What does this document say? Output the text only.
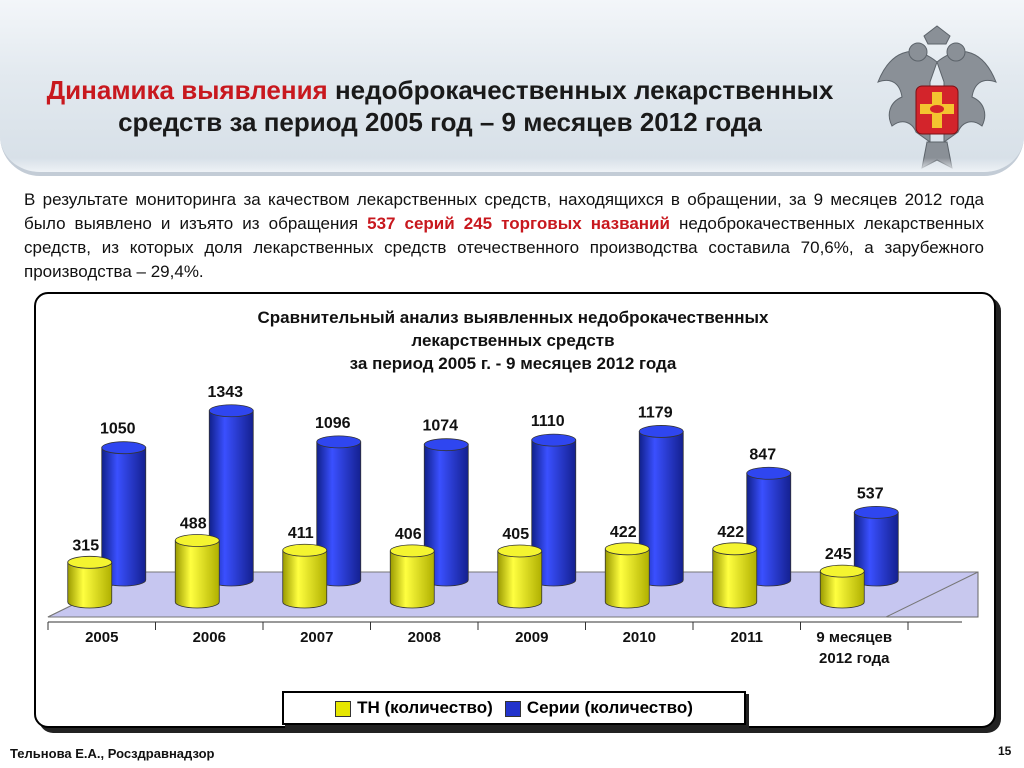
Динамика выявления недоброкачественных лекарственных
средств за период 2005 год – 9 месяцев 2012 года
В результате мониторинга за качеством лекарственных средств, находящихся в обращении, за 9 месяцев 2012 года было выявлено и изъято из обращения 537 серий 245 торговых названий недоброкачественных лекарственных средств, из которых доля лекарственных средств отечественного производства составила 70,6%, а зарубежного производства – 29,4%.
Сравнительный анализ выявленных недоброкачественных
лекарственных средств
за период 2005 г. - 9 месяцев 2012 года
1050
315
2005
1343
488
2006
1096
411
2007
1074
406
2008
1110
405
2009
1179
422
2010
847
422
2011
537
245
9 месяцев
2012 года
ТН (количество)	Серии (количество)
Тельнова Е.А., Росздравнадзор	15
